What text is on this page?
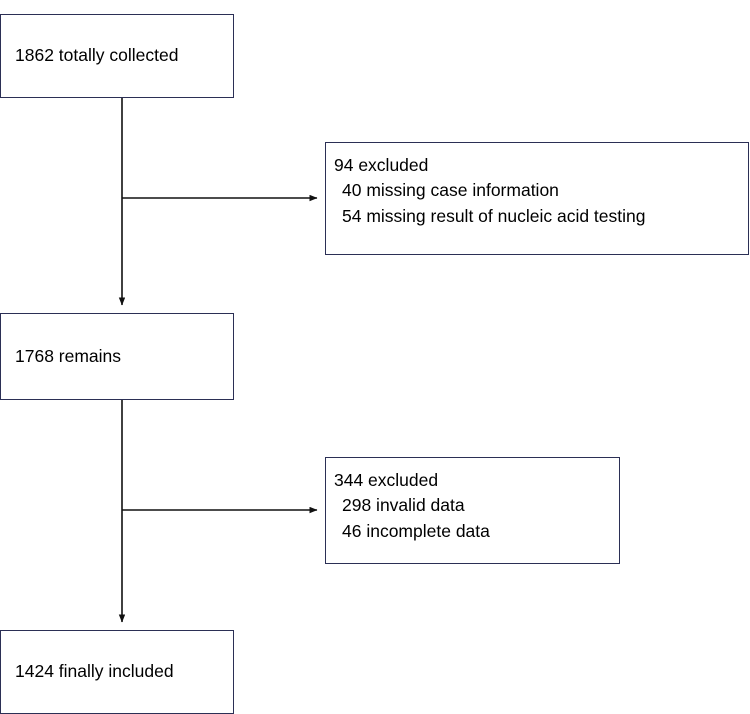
1862 totally collected
94 excluded
40 missing case information
54 missing result of nucleic acid testing
1768 remains
344 excluded
298 invalid data
46 incomplete data
1424 finally included
